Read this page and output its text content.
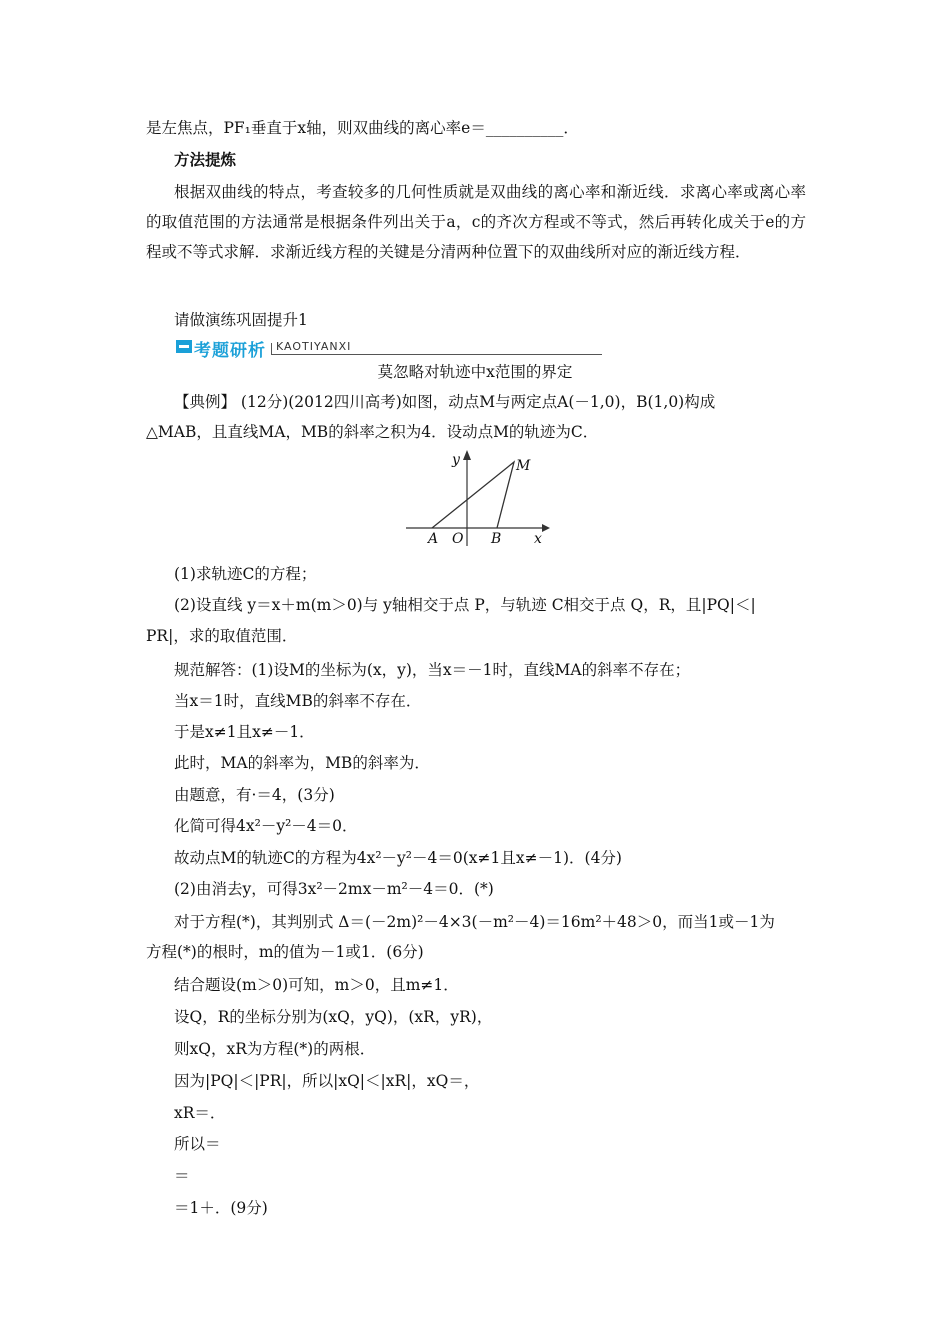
是左焦点，PF₁垂直于x轴，则双曲线的离心率e＝__________．
方法提炼
根据双曲线的特点，考查较多的几何性质就是双曲线的离心率和渐近线．求离心率或离心率的取值范围的方法通常是根据条件列出关于a，c的齐次方程或不等式，然后再转化成关于e的方程或不等式求解．求渐近线方程的关键是分清两种位置下的双曲线所对应的渐近线方程．
请做演练巩固提升1
考题研析 KAOTIYANXI
莫忽略对轨迹中x范围的界定
【典例】 (12分)(2012四川高考)如图，动点M与两定点A(－1,0)，B(1,0)构成
△MAB，且直线MA，MB的斜率之积为4．设动点M的轨迹为C．
y
x
M
A O B
(1)求轨迹C的方程；
(2)设直线 y＝x＋m(m＞0)与 y轴相交于点 P，与轨迹 C相交于点 Q，R，且|PQ|＜|
PR|，求的取值范围．
规范解答：(1)设M的坐标为(x，y)，当x＝－1时，直线MA的斜率不存在；
当x＝1时，直线MB的斜率不存在．
于是x≠1且x≠－1．
此时，MA的斜率为，MB的斜率为．
由题意，有·＝4，(3分)
化简可得4x²－y²－4＝0．
故动点M的轨迹C的方程为4x²－y²－4＝0(x≠1且x≠－1)．(4分)
(2)由消去y，可得3x²－2mx－m²－4＝0．(*)
对于方程(*)，其判别式 Δ＝(－2m)²－4×3(－m²－4)＝16m²＋48＞0，而当1或－1为
方程(*)的根时，m的值为－1或1．(6分)
结合题设(m＞0)可知，m＞0，且m≠1．
设Q，R的坐标分别为(xQ，yQ)，(xR，yR)，
则xQ，xR为方程(*)的两根．
因为|PQ|＜|PR|，所以|xQ|＜|xR|，xQ＝，
xR＝．
所以＝
＝
＝1＋．(9分)
